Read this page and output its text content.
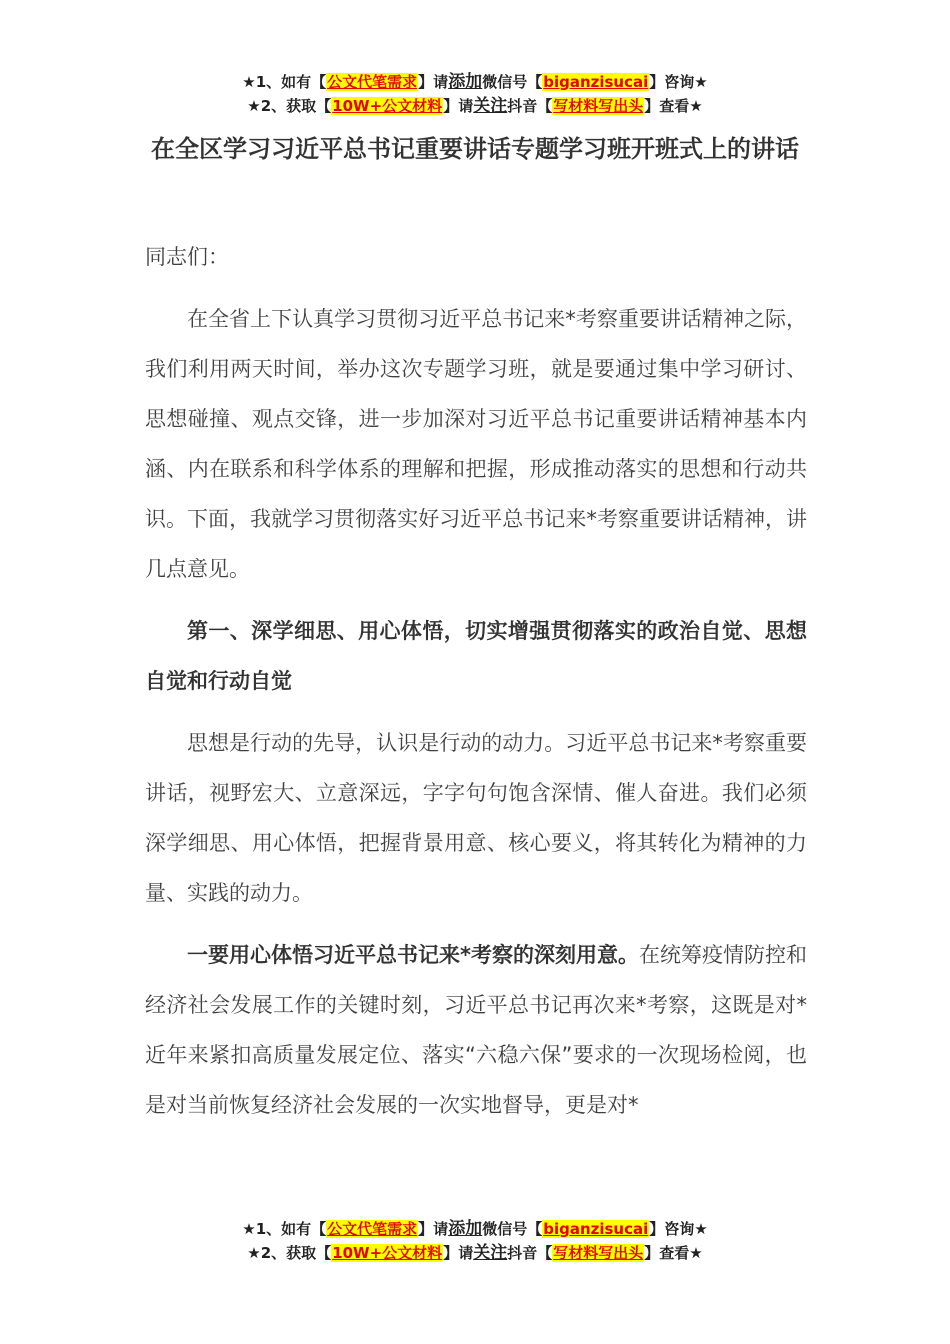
★1、如有【公文代笔需求】请添加微信号【biganzisucai】咨询★
★2、获取【10W+公文材料】请关注抖音【写材料写出头】查看★
在全区学习习近平总书记重要讲话专题学习班开班式上的讲话

同志们：

在全省上下认真学习贯彻习近平总书记来*考察重要讲话精神之际，我们利用两天时间，举办这次专题学习班，就是要通过集中学习研讨、思想碰撞、观点交锋，进一步加深对习近平总书记重要讲话精神基本内涵、内在联系和科学体系的理解和把握，形成推动落实的思想和行动共识。下面，我就学习贯彻落实好习近平总书记来*考察重要讲话精神，讲几点意见。

第一、深学细思、用心体悟，切实增强贯彻落实的政治自觉、思想自觉和行动自觉

思想是行动的先导，认识是行动的动力。习近平总书记来*考察重要讲话，视野宏大、立意深远，字字句句饱含深情、催人奋进。我们必须深学细思、用心体悟，把握背景用意、核心要义，将其转化为精神的力量、实践的动力。

一要用心体悟习近平总书记来*考察的深刻用意。在统筹疫情防控和经济社会发展工作的关键时刻，习近平总书记再次来*考察，这既是对*近年来紧扣高质量发展定位、落实“六稳六保”要求的一次现场检阅，也是对当前恢复经济社会发展的一次实地督导，更是对*

★1、如有【公文代笔需求】请添加微信号【biganzisucai】咨询★
★2、获取【10W+公文材料】请关注抖音【写材料写出头】查看★
